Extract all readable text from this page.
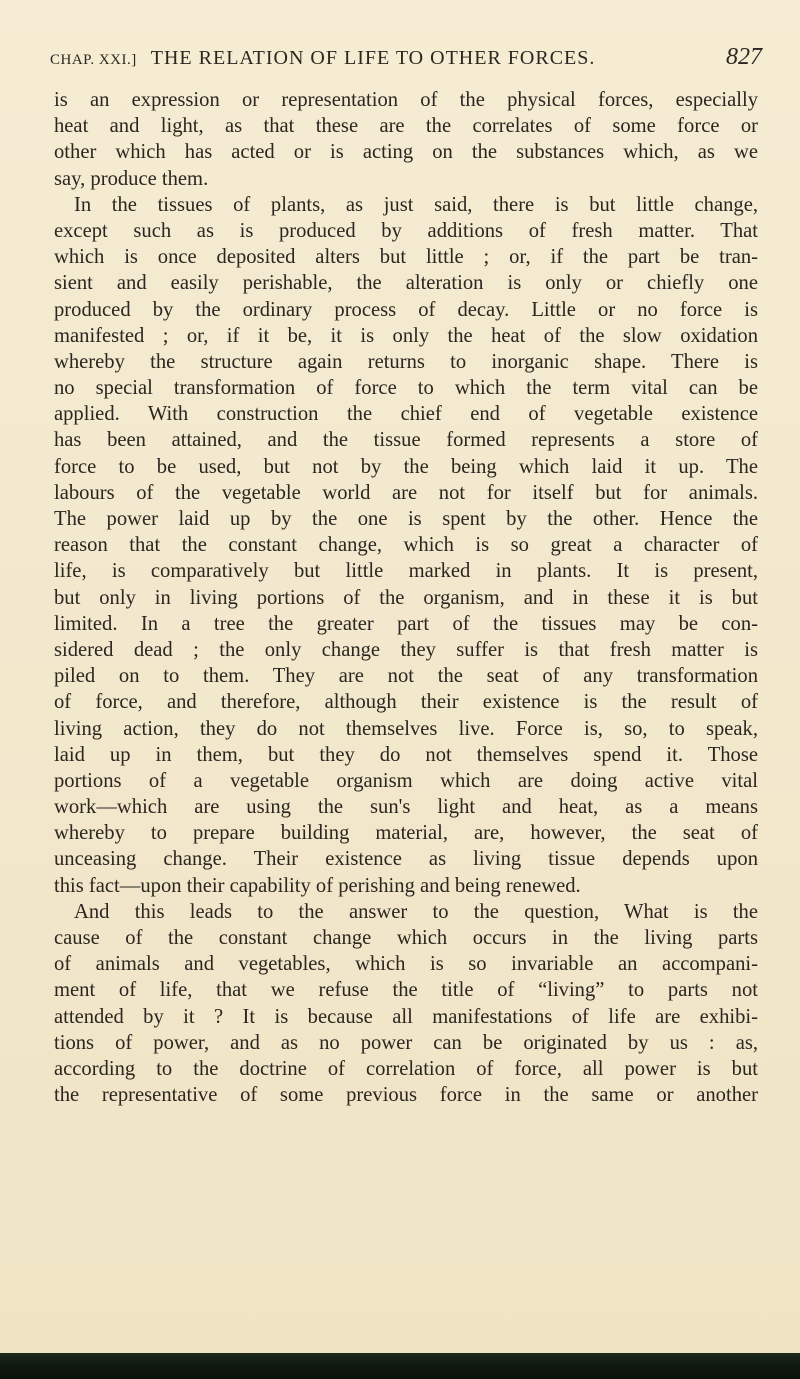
CHAP. XXI.] THE RELATION OF LIFE TO OTHER FORCES.	827
is an expression or representation of the physical forces, especially
heat and light, as that these are the correlates of some force or
other which has acted or is acting on the substances which, as we
say, produce them.
In the tissues of plants, as just said, there is but little change,
except such as is produced by additions of fresh matter. That
which is once deposited alters but little ; or, if the part be tran-
sient and easily perishable, the alteration is only or chiefly one
produced by the ordinary process of decay. Little or no force is
manifested ; or, if it be, it is only the heat of the slow oxidation
whereby the structure again returns to inorganic shape. There is
no special transformation of force to which the term vital can be
applied. With construction the chief end of vegetable existence
has been attained, and the tissue formed represents a store of
force to be used, but not by the being which laid it up. The
labours of the vegetable world are not for itself but for animals.
The power laid up by the one is spent by the other. Hence the
reason that the constant change, which is so great a character of
life, is comparatively but little marked in plants. It is present,
but only in living portions of the organism, and in these it is but
limited. In a tree the greater part of the tissues may be con-
sidered dead ; the only change they suffer is that fresh matter is
piled on to them. They are not the seat of any transformation
of force, and therefore, although their existence is the result of
living action, they do not themselves live. Force is, so, to speak,
laid up in them, but they do not themselves spend it. Those
portions of a vegetable organism which are doing active vital
work—which are using the sun's light and heat, as a means
whereby to prepare building material, are, however, the seat of
unceasing change. Their existence as living tissue depends upon
this fact—upon their capability of perishing and being renewed.
And this leads to the answer to the question, What is the
cause of the constant change which occurs in the living parts
of animals and vegetables, which is so invariable an accompani-
ment of life, that we refuse the title of “living” to parts not
attended by it ? It is because all manifestations of life are exhibi-
tions of power, and as no power can be originated by us : as,
according to the doctrine of correlation of force, all power is but
the representative of some previous force in the same or another
